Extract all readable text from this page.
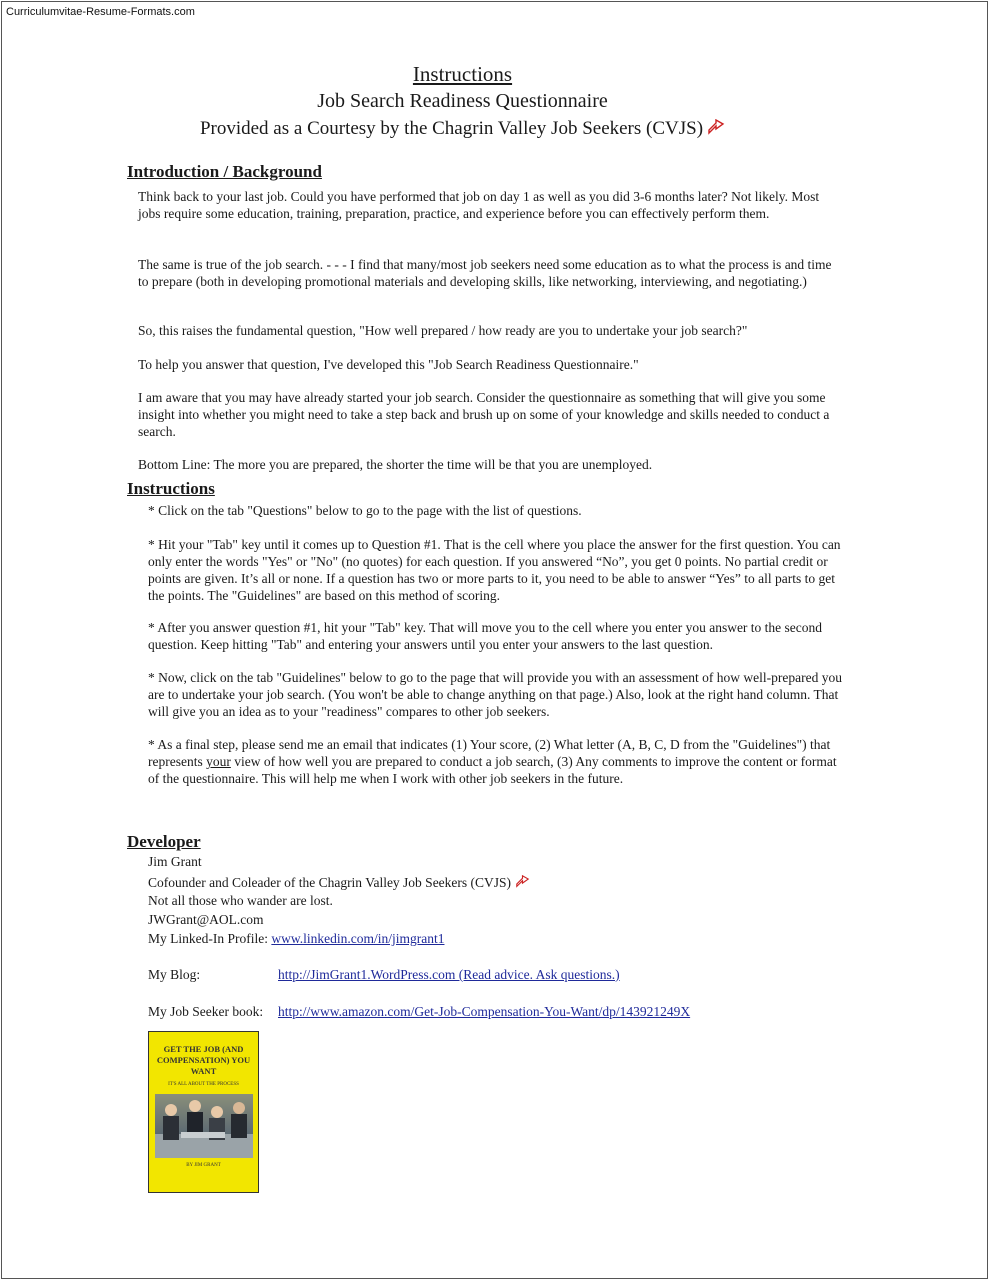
Curriculumvitae-Resume-Formats.com
Instructions
Job Search Readiness Questionnaire
Provided as a Courtesy by the Chagrin Valley Job Seekers (CVJS)
Introduction / Background

Think back to your last job. Could you have performed that job on day 1 as well as you did 3-6 months later? Not likely. Most jobs require some education, training, preparation, practice, and experience before you can effectively perform them.

The same is true of the job search. - - - I find that many/most job seekers need some education as to what the process is and time to prepare (both in developing promotional materials and developing skills, like networking, interviewing, and negotiating.)

So, this raises the fundamental question, "How well prepared / how ready are you to undertake your job search?"

To help you answer that question, I've developed this "Job Search Readiness Questionnaire."

I am aware that you may have already started your job search. Consider the questionnaire as something that will give you some insight into whether you might need to take a step back and brush up on some of your knowledge and skills needed to conduct a search.

Bottom Line: The more you are prepared, the shorter the time will be that you are unemployed.

Instructions

* Click on the tab "Questions" below to go to the page with the list of questions.

* Hit your "Tab" key until it comes up to Question #1. That is the cell where you place the answer for the first question. You can only enter the words "Yes" or "No" (no quotes) for each question. If you answered “No”, you get 0 points. No partial credit or points are given. It’s all or none. If a question has two or more parts to it, you need to be able to answer “Yes” to all parts to get the points. The "Guidelines" are based on this method of scoring.

* After you answer question #1, hit your "Tab" key. That will move you to the cell where you enter you answer to the second question. Keep hitting "Tab" and entering your answers until you enter your answers to the last question.

* Now, click on the tab "Guidelines" below to go to the page that will provide you with an assessment of how well-prepared you are to undertake your job search. (You won't be able to change anything on that page.) Also, look at the right hand column. That will give you an idea as to your "readiness" compares to other job seekers.

* As a final step, please send me an email that indicates (1) Your score, (2) What letter (A, B, C, D from the "Guidelines") that represents your view of how well you are prepared to conduct a job search, (3) Any comments to improve the content or format of the questionnaire. This will help me when I work with other job seekers in the future.

Developer
Jim Grant
Cofounder and Coleader of the Chagrin Valley Job Seekers (CVJS)
Not all those who wander are lost.
JWGrant@AOL.com
My Linked-In Profile: www.linkedin.com/in/jimgrant1
My Blog:	http://JimGrant1.WordPress.com (Read advice. Ask questions.)
My Job Seeker book: http://www.amazon.com/Get-Job-Compensation-You-Want/dp/143921249X
GET THE JOB (AND COMPENSATION) YOU WANT
IT'S ALL ABOUT THE PROCESS
BY JIM GRANT
